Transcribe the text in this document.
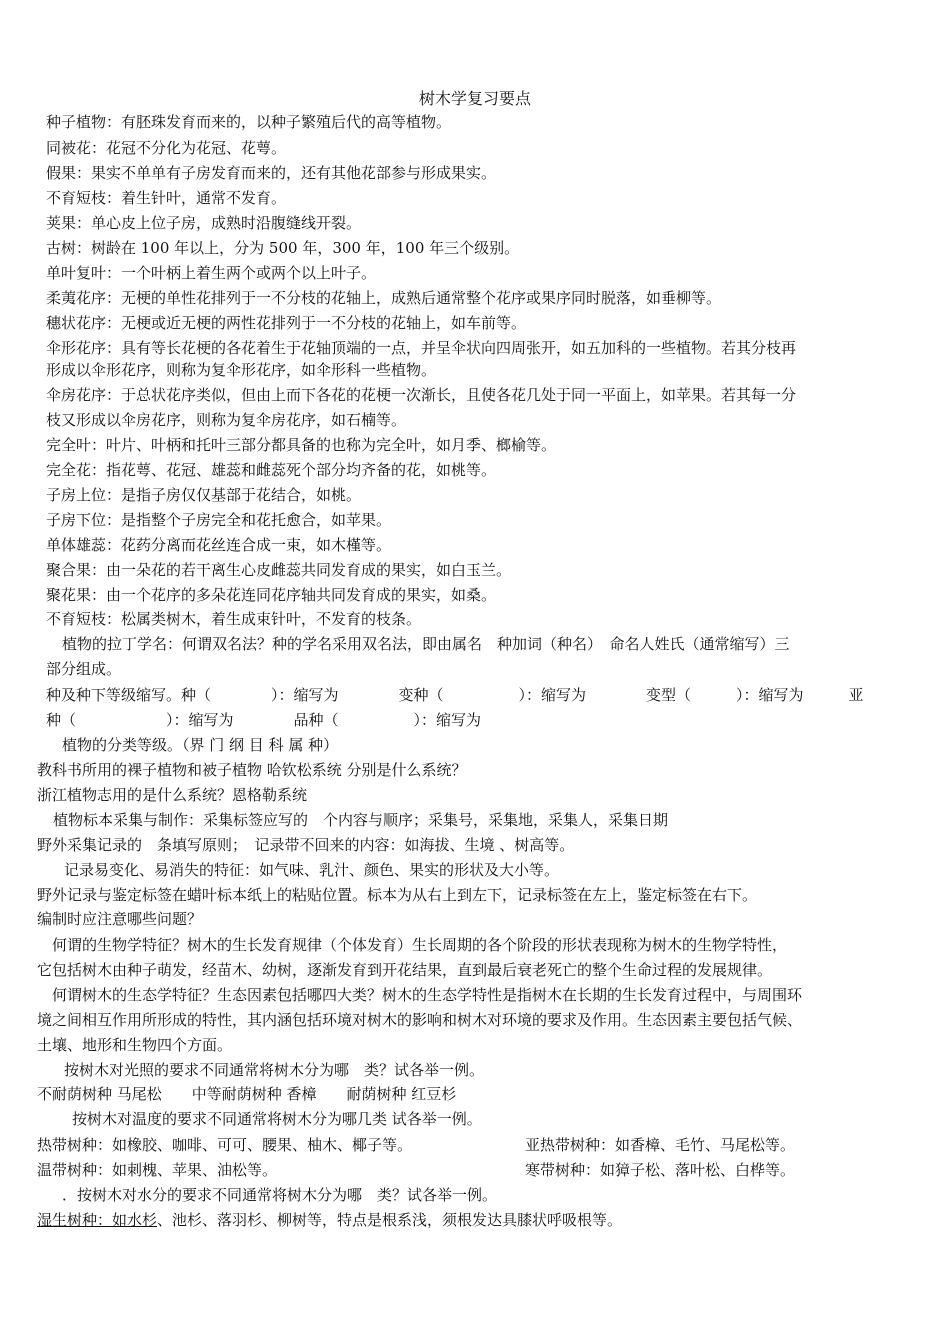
树木学复习要点
种子植物：有胚珠发育而来的，以种子繁殖后代的高等植物。
同被花：花冠不分化为花冠、花萼。
假果：果实不单单有子房发育而来的，还有其他花部参与形成果实。
不育短枝：着生针叶，通常不发育。
荚果：单心皮上位子房，成熟时沿腹缝线开裂。
古树：树龄在 100 年以上，分为 500 年，300 年，100 年三个级别。
单叶复叶：一个叶柄上着生两个或两个以上叶子。
柔荑花序：无梗的单性花排列于一不分枝的花轴上，成熟后通常整个花序或果序同时脱落，如垂柳等。
穗状花序：无梗或近无梗的两性花排列于一不分枝的花轴上，如车前等。
伞形花序：具有等长花梗的各花着生于花轴顶端的一点，并呈伞状向四周张开，如五加科的一些植物。若其分枝再
形成以伞形花序，则称为复伞形花序，如伞形科一些植物。
伞房花序：于总状花序类似，但由上而下各花的花梗一次渐长，且使各花几处于同一平面上，如苹果。若其每一分
枝又形成以伞房花序，则称为复伞房花序，如石楠等。
完全叶：叶片、叶柄和托叶三部分都具备的也称为完全叶，如月季、榔榆等。
完全花：指花萼、花冠、雄蕊和雌蕊死个部分均齐备的花，如桃等。
子房上位：是指子房仅仅基部于花结合，如桃。
子房下位：是指整个子房完全和花托愈合，如苹果。
单体雄蕊：花药分离而花丝连合成一束，如木槿等。
聚合果：由一朵花的若干离生心皮雌蕊共同发育成的果实，如白玉兰。
聚花果：由一个花序的多朵花连同花序轴共同发育成的果实，如桑。
不育短枝：松属类树木，着生成束针叶，不发育的枝条。
植物的拉丁学名：何谓双名法？种的学名采用双名法，即由属名　种加词（种名）　命名人姓氏（通常缩写）三
部分组成。
种及种下等级缩写。种（　　　　）：缩写为　　　　变种（　　　　　）：缩写为　　　　变型（　　　）：缩写为　　　亚
种（　　　　　　）：缩写为　　　　品种（　　　　　）：缩写为
植物的分类等级。（界 门 纲 目 科 属 种）
教科书所用的裸子植物和被子植物 哈钦松系统 分别是什么系统？
浙江植物志用的是什么系统？恩格勒系统
植物标本采集与制作：采集标签应写的　个内容与顺序；采集号，采集地，采集人，采集日期
野外采集记录的　条填写原则；　记录带不回来的内容：如海拔、生境 、树高等。
记录易变化、易消失的特征：如气味、乳汁、颜色、果实的形状及大小等。
野外记录与鉴定标签在蜡叶标本纸上的粘贴位置。标本为从右上到左下，记录标签在左上，鉴定标签在右下。
编制时应注意哪些问题？
何谓的生物学特征？树木的生长发育规律（个体发育）生长周期的各个阶段的形状表现称为树木的生物学特性，
它包括树木由种子萌发，经苗木、幼树，逐渐发育到开花结果，直到最后衰老死亡的整个生命过程的发展规律。
何谓树木的生态学特征？生态因素包括哪四大类？树木的生态学特性是指树木在长期的生长发育过程中，与周围环
境之间相互作用所形成的特性，其内涵包括环境对树木的影响和树木对环境的要求及作用。生态因素主要包括气候、
土壤、地形和生物四个方面。
按树木对光照的要求不同通常将树木分为哪　类？试各举一例。
不耐荫树种 马尾松　　中等耐荫树种 香樟　　耐荫树种 红豆杉
按树木对温度的要求不同通常将树木分为哪几类 试各举一例。
热带树种：如橡胶、咖啡、可可、腰果、柚木、椰子等。	亚热带树种：如香樟、毛竹、马尾松等。
温带树种：如刺槐、苹果、油松等。	寒带树种：如獐子松、落叶松、白桦等。
．按树木对水分的要求不同通常将树木分为哪　类？试各举一例。
湿生树种：如水杉、池杉、落羽杉、柳树等，特点是根系浅，须根发达具膝状呼吸根等。
